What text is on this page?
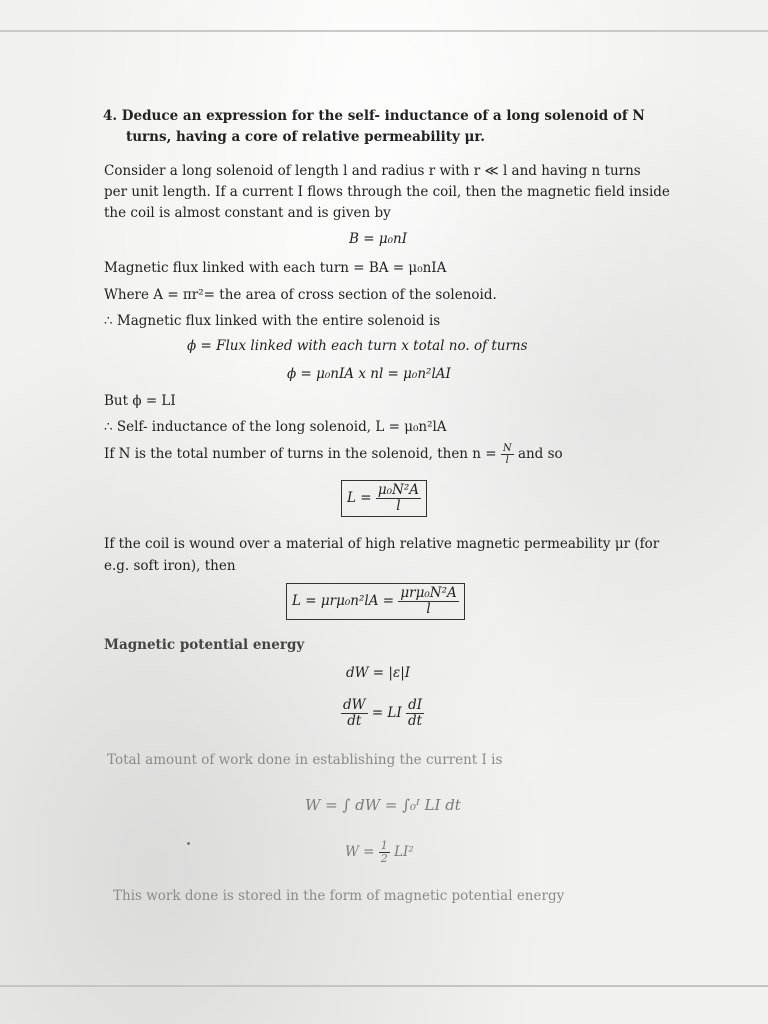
4. Deduce an expression for the self- inductance of a long solenoid of N
turns, having a core of relative permeability μr.
Consider a long solenoid of length l and radius r with r ≪ l and having n turns
per unit length. If a current I flows through the coil, then the magnetic field inside
the coil is almost constant and is given by
B = μ₀nI
Magnetic flux linked with each turn = BA = μ₀nIA
Where A = πr²= the area of cross section of the solenoid.
∴ Magnetic flux linked with the entire solenoid is
ϕ = Flux linked with each turn x total no. of turns
ϕ = μ₀nIA x nl = μ₀n²lAI
But ϕ = LI
∴ Self- inductance of the long solenoid, L = μ₀n²lA
If N is the total number of turns in the solenoid, then $n = \frac{N}{l}$ and so
$L = \frac{\text{μ₀N²A}}{l}$
If the coil is wound over a material of high relative magnetic permeability μr (for
e.g. soft iron), then
$L = \mu r\mu_0n^2lA = \frac{\text{μrμ₀N²A}}{l}$
Magnetic potential energy
dW = |ε|I
$\frac{dW}{dt}$ = LI $\frac{dI}{dt}$
Total amount of work done in establishing the current I is
W = ∫ dW = ∫₀ᴵ LI dt
$W = \frac{1}{2} LI^2$
This work done is stored in the form of magnetic potential energy
